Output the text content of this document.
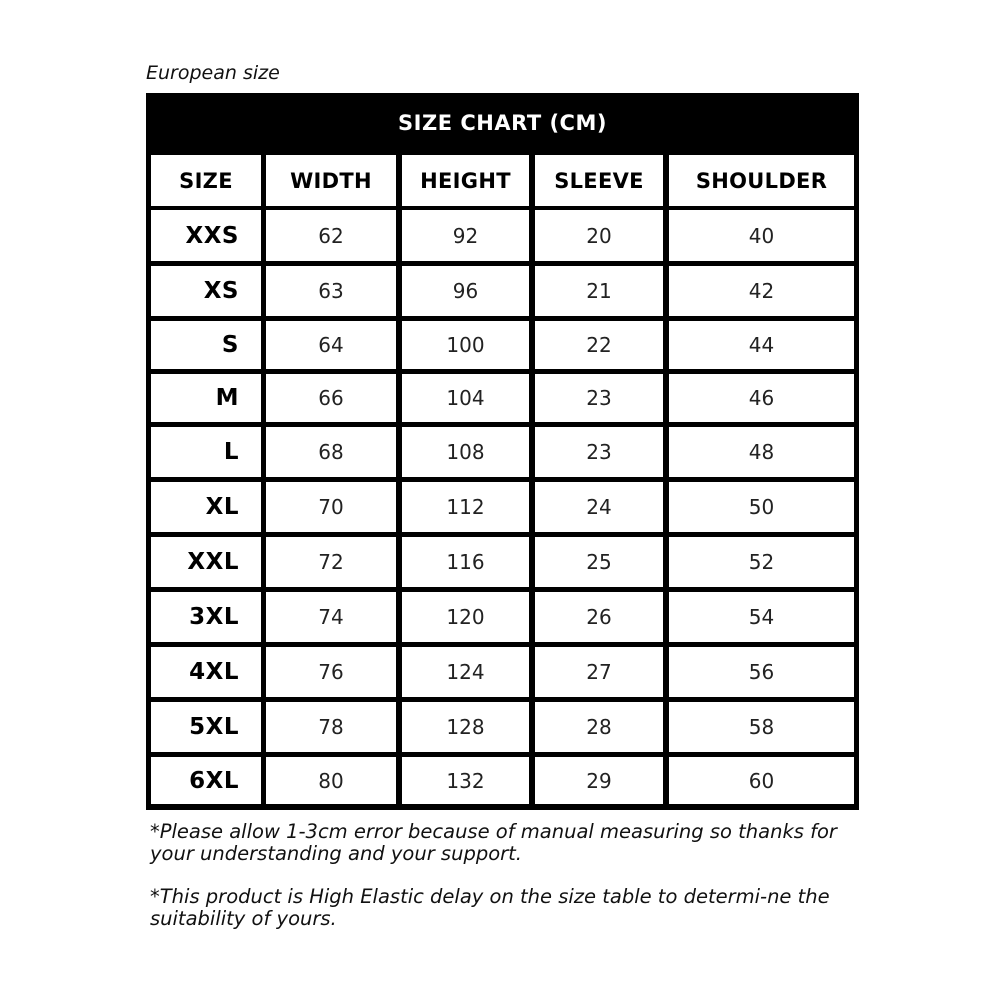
European size
SIZE CHART (CM)
SIZE	WIDTH	HEIGHT	SLEEVE	SHOULDER
XXS	62	92	20	40
XS	63	96	21	42
S	64	100	22	44
M	66	104	23	46
L	68	108	23	48
XL	70	112	24	50
XXL	72	116	25	52
3XL	74	120	26	54
4XL	76	124	27	56
5XL	78	128	28	58
6XL	80	132	29	60
*Please allow 1-3cm error because of manual measuring so thanks for your understanding and your support.
*This product is High Elastic delay on the size table to determi-ne the suitability of yours.
